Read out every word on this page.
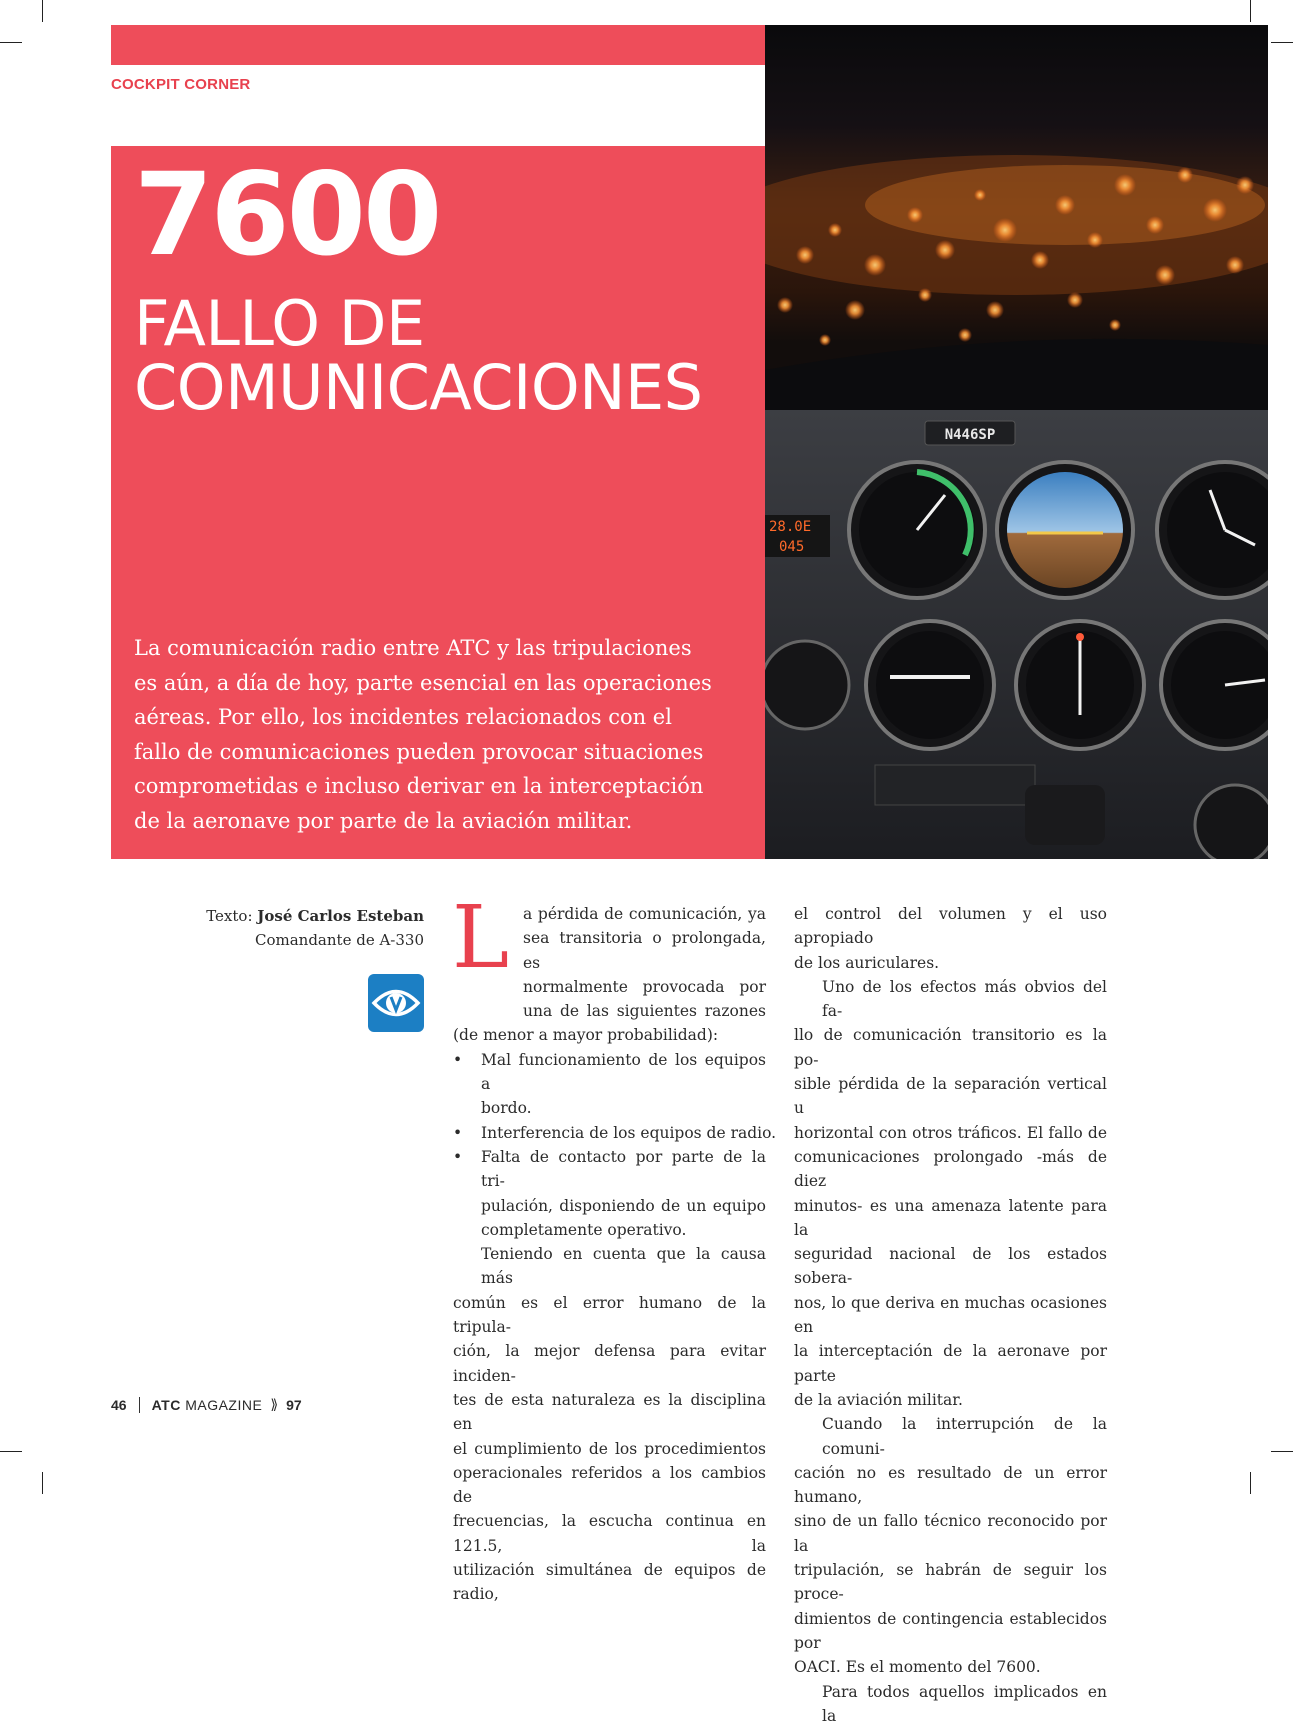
COCKPIT CORNER
7600
FALLO DE
COMUNICACIONES
La comunicación radio entre ATC y las tripulaciones
es aún, a día de hoy, parte esencial en las operaciones
aéreas. Por ello, los incidentes relacionados con el
fallo de comunicaciones pueden provocar situaciones
comprometidas e incluso derivar en la interceptación
de la aeronave por parte de la aviación militar.
N446SP
28.0E
045
Texto: José Carlos Esteban
Comandante de A-330 L a pérdida de comunicación, ya
sea transitoria o prolongada, es
normalmente provocada por
una de las siguientes razones
(de menor a mayor probabilidad):
• Mal funcionamiento de los equipos a
bordo.
• Interferencia de los equipos de radio.
• Falta de contacto por parte de la tri-
pulación, disponiendo de un equipo
completamente operativo.
Teniendo en cuenta que la causa más
común es el error humano de la tripula-
ción, la mejor defensa para evitar inciden-
tes de esta naturaleza es la disciplina en
el cumplimiento de los procedimientos
operacionales referidos a los cambios de
frecuencias, la escucha continua en 121.5, la
utilización simultánea de equipos de radio,
el control del volumen y el uso apropiado
de los auriculares.
Uno de los efectos más obvios del fa-
llo de comunicación transitorio es la po-
sible pérdida de la separación vertical u
horizontal con otros tráficos. El fallo de
comunicaciones prolongado -más de diez
minutos- es una amenaza latente para la
seguridad nacional de los estados sobera-
nos, lo que deriva en muchas ocasiones en
la interceptación de la aeronave por parte
de la aviación militar.
Cuando la interrupción de la comuni-
cación no es resultado de un error humano,
sino de un fallo técnico reconocido por la
tripulación, se habrán de seguir los proce-
dimientos de contingencia establecidos por
OACI. Es el momento del 7600.
Para todos aquellos implicados en la
46 ATC MAGAZINE ⟫ 97
